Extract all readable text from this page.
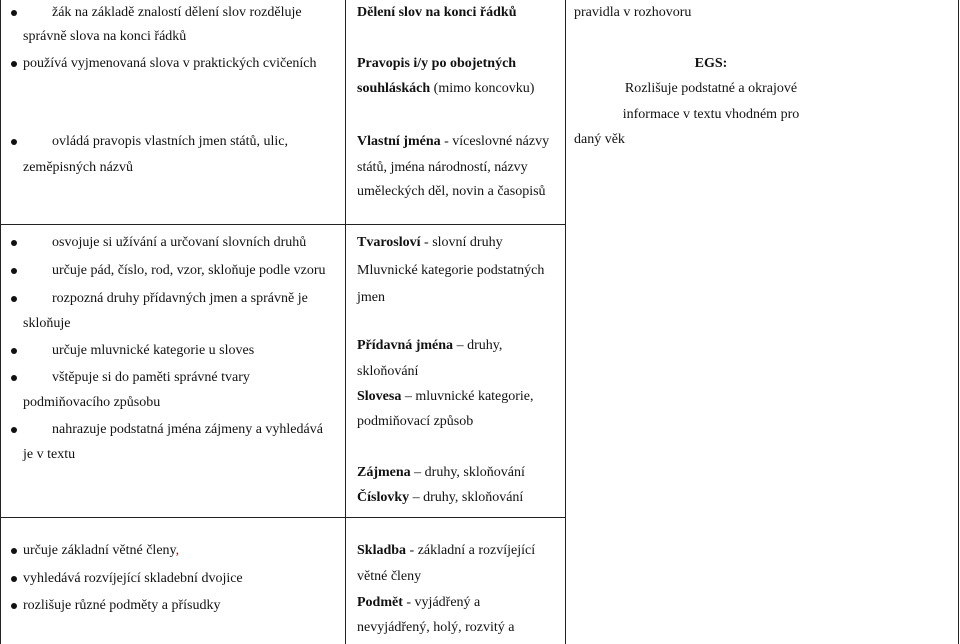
žák na základě znalostí dělení slov rozděluje
správně slova na konci řádků
používá vyjmenovaná slova v praktických cvičeních
ovládá pravopis vlastních jmen států, ulic,
zeměpisných názvů
Dělení slov na konci řádků
Pravopis i/y po obojetných
souhláskách (mimo koncovku)
Vlastní jména - víceslovné názvy
států, jména národností, názvy
uměleckých děl, novin a časopisů
pravidla v rozhovoru
EGS:
Rozlišuje podstatné a okrajové
informace v textu vhodném pro
daný věk
osvojuje si užívání a určovaní slovních druhů
určuje pád, číslo, rod, vzor, skloňuje podle vzoru
rozpozná druhy přídavných jmen a správně je
skloňuje
určuje mluvnické kategorie u sloves
vštěpuje si do paměti správné tvary
podmiňovacího způsobu
nahrazuje podstatná jména zájmeny a vyhledává
je v textu
Tvarosloví - slovní druhy
Mluvnické kategorie podstatných
jmen
Přídavná jména – druhy,
skloňování
Slovesa – mluvnické kategorie,
podmiňovací způsob
Zájmena – druhy, skloňování
Číslovky – druhy, skloňování
určuje základní větné členy,
vyhledává rozvíjející skladební dvojice
rozlišuje různé podměty a přísudky
Skladba - základní a rozvíjející
větné členy
Podmět - vyjádřený a
nevyjádřený, holý, rozvitý a
